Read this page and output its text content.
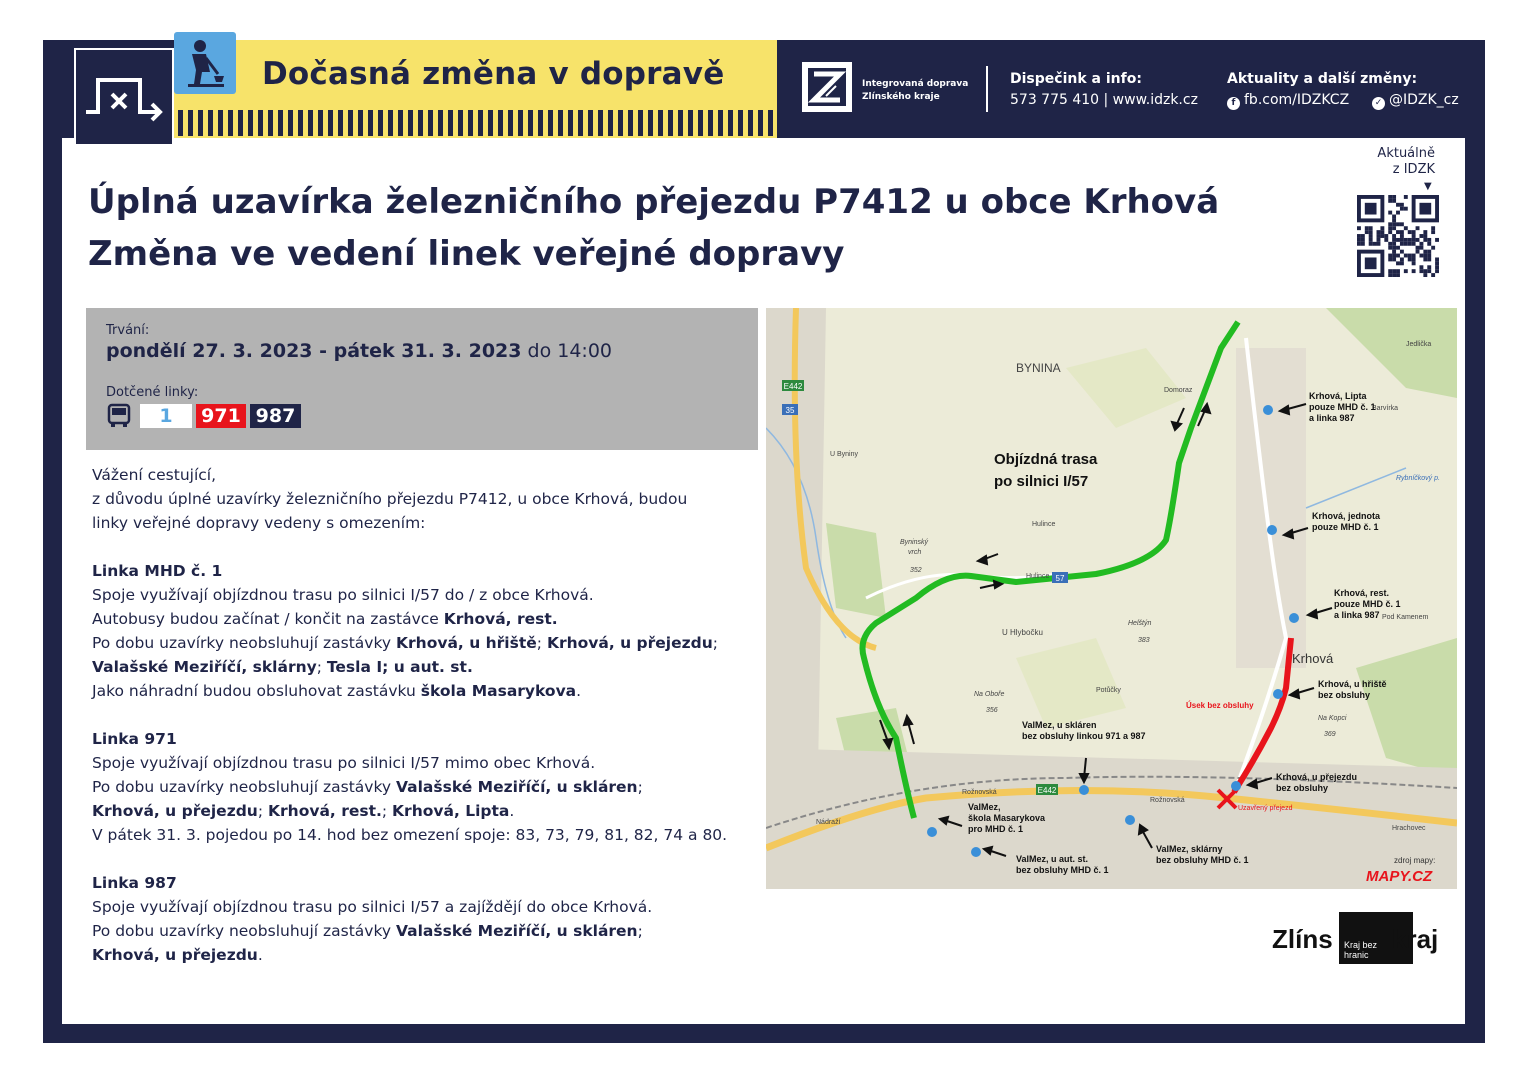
Dočasná změna v dopravě	Integrovaná doprava
Zlínského kraje
Dispečink a info:
573 775 410 | www.idzk.cz
Aktuality a další změny:
f fb.com/IDZKCZ	✓ @IDZK_cz
Aktuálně
z IDZK
▼
Úplná uzavírka železničního přejezdu P7412 u obce Krhová
Změna ve vedení linek veřejné dopravy
Trvání:
pondělí 27. 3. 2023 - pátek 31. 3. 2023 do 14:00
Dotčené linky:
1	971 987

Vážení cestující,

z důvodu úplné uzavírky železničního přejezdu P7412, u obce Krhová, budou

linky veřejné dopravy vedeny s omezením:

Linka MHD č. 1

Spoje využívají objízdnou trasu po silnici I/57 do / z obce Krhová.

Autobusy budou začínat / končit na zastávce Krhová, rest.

Po dobu uzavírky neobsluhují zastávky Krhová, u hřiště; Krhová, u přejezdu;

Valašské Meziříčí, sklárny; Tesla I; u aut. st.

Jako náhradní budou obsluhovat zastávku škola Masarykova.

Linka 971

Spoje využívají objízdnou trasu po silnici I/57 mimo obec Krhová.

Po dobu uzavírky neobsluhují zastávky Valašské Meziříčí, u skláren;

Krhová, u přejezdu; Krhová, rest.; Krhová, Lipta.

V pátek 31. 3. pojedou po 14. hod bez omezení spoje: 83, 73, 79, 81, 82, 74 a 80.

Linka 987

Spoje využívají objízdnou trasu po silnici I/57 a zajíždějí do obce Krhová.

Po dobu uzavírky neobsluhují zastávky Valašské Meziříčí, u skláren;

Krhová, u přejezdu.

57
E442
E442
35
BYNINA
Krhová
Domoraz
Hulince
Hulince
U Byniny
U Hlybočku
Byninský
vrch
352
Helštýn
383
Na Oboře
356
Na Kopci
369
Potůčky
Barvírka
Jedlička
Hrachovec
Pod Kamenem
Rybníčkový p.
Rožnovská
Rožnovská
Nádraží
Objízdná trasa
po silnici I/57
Krhová, Lipta
pouze MHD č. 1
a linka 987
Krhová, jednota
pouze MHD č. 1
Krhová, rest.
pouze MHD č. 1
a linka 987
Krhová, u hřiště
bez obsluhy
Krhová, u přejezdu
bez obsluhy
ValMez, u skláren
bez obsluhy linkou 971 a 987
ValMez,
škola Masarykova
pro MHD č. 1
ValMez, u aut. st.
bez obsluhy MHD č. 1
ValMez, sklárny
bez obsluhy MHD č. 1
Úsek bez obsluhy
Uzavřený přejezd
zdroj mapy:
MAPY.CZ
Zlíns Kraj bez
hranic
kraj
